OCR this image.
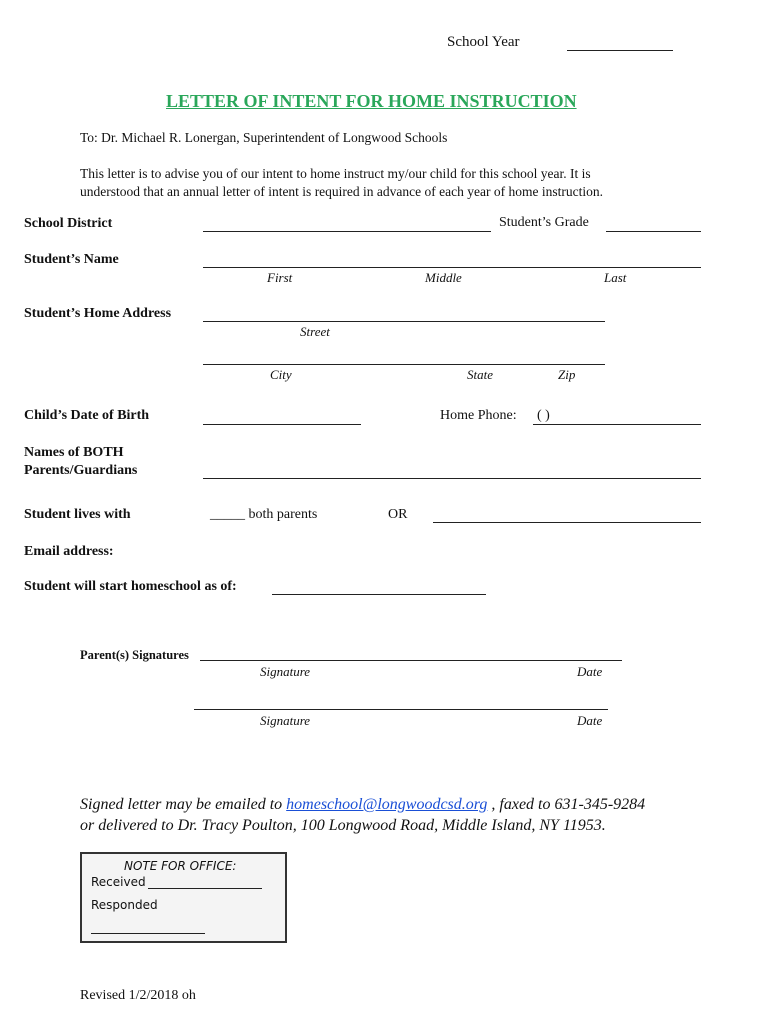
School Year
LETTER OF INTENT FOR HOME INSTRUCTION
To: Dr. Michael R. Lonergan, Superintendent of Longwood Schools
This letter is to advise you of our intent to home instruct my/our child for this school year. It is
understood that an annual letter of intent is required in advance of each year of home instruction.
School District	Student’s Grade
Student’s Name
First	Middle	Last
Student’s Home Address
Street
City	State	Zip
Child’s Date of Birth	Home Phone: ( )
Names of BOTH
Parents/Guardians
Student lives with	_____ both parents	OR
Email address:
Student will start homeschool as of:
Parent(s) Signatures
Signature	Date
Signature	Date
Signed letter may be emailed to homeschool@longwoodcsd.org , faxed to 631-345-9284
or delivered to Dr. Tracy Poulton, 100 Longwood Road, Middle Island, NY 11953.
NOTE FOR OFFICE:
Received
Responded
Revised 1/2/2018 oh
